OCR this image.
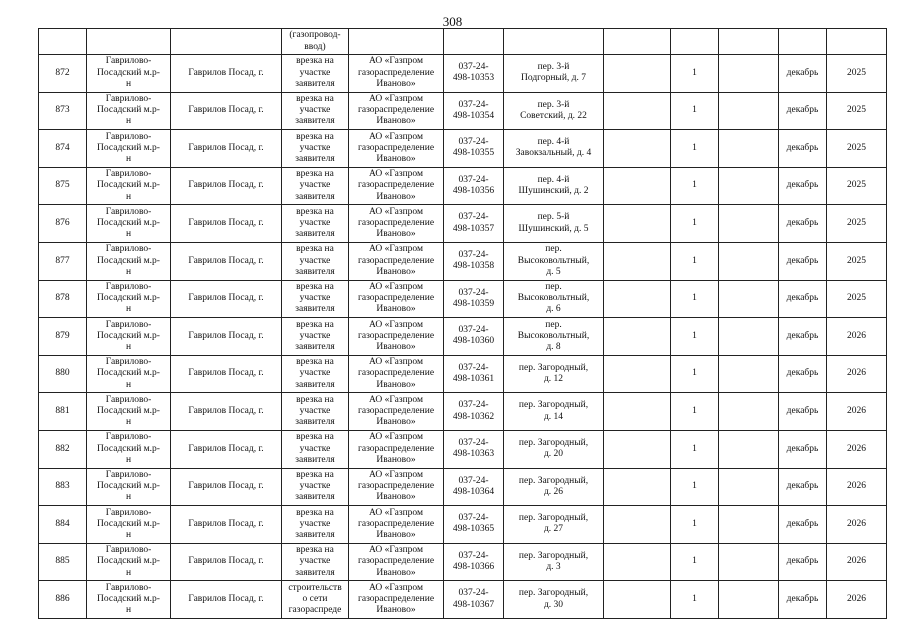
308
			(газопровод-
ввод)								
872	Гаврилово-
Посадский м.р-
н	Гаврилов Посад, г.	врезка на
участке
заявителя	АО «Газпром
газораспределение
Иваново»	037-24-
498-10353	пер. 3-й
Подгорный, д. 7		1		декабрь	2025
873	Гаврилово-
Посадский м.р-
н	Гаврилов Посад, г.	врезка на
участке
заявителя	АО «Газпром
газораспределение
Иваново»	037-24-
498-10354	пер. 3-й
Советский, д. 22		1		декабрь	2025
874	Гаврилово-
Посадский м.р-
н	Гаврилов Посад, г.	врезка на
участке
заявителя	АО «Газпром
газораспределение
Иваново»	037-24-
498-10355	пер. 4-й
Завокзальный, д. 4		1		декабрь	2025
875	Гаврилово-
Посадский м.р-
н	Гаврилов Посад, г.	врезка на
участке
заявителя	АО «Газпром
газораспределение
Иваново»	037-24-
498-10356	пер. 4-й
Шушинский, д. 2		1		декабрь	2025
876	Гаврилово-
Посадский м.р-
н	Гаврилов Посад, г.	врезка на
участке
заявителя	АО «Газпром
газораспределение
Иваново»	037-24-
498-10357	пер. 5-й
Шушинский, д. 5		1		декабрь	2025
877	Гаврилово-
Посадский м.р-
н	Гаврилов Посад, г.	врезка на
участке
заявителя	АО «Газпром
газораспределение
Иваново»	037-24-
498-10358	пер.
Высоковольтный,
д. 5		1		декабрь	2025
878	Гаврилово-
Посадский м.р-
н	Гаврилов Посад, г.	врезка на
участке
заявителя	АО «Газпром
газораспределение
Иваново»	037-24-
498-10359	пер.
Высоковольтный,
д. 6		1		декабрь	2025
879	Гаврилово-
Посадский м.р-
н	Гаврилов Посад, г.	врезка на
участке
заявителя	АО «Газпром
газораспределение
Иваново»	037-24-
498-10360	пер.
Высоковольтный,
д. 8		1		декабрь	2026
880	Гаврилово-
Посадский м.р-
н	Гаврилов Посад, г.	врезка на
участке
заявителя	АО «Газпром
газораспределение
Иваново»	037-24-
498-10361	пер. Загородный,
д. 12		1		декабрь	2026
881	Гаврилово-
Посадский м.р-
н	Гаврилов Посад, г.	врезка на
участке
заявителя	АО «Газпром
газораспределение
Иваново»	037-24-
498-10362	пер. Загородный,
д. 14		1		декабрь	2026
882	Гаврилово-
Посадский м.р-
н	Гаврилов Посад, г.	врезка на
участке
заявителя	АО «Газпром
газораспределение
Иваново»	037-24-
498-10363	пер. Загородный,
д. 20		1		декабрь	2026
883	Гаврилово-
Посадский м.р-
н	Гаврилов Посад, г.	врезка на
участке
заявителя	АО «Газпром
газораспределение
Иваново»	037-24-
498-10364	пер. Загородный,
д. 26		1		декабрь	2026
884	Гаврилово-
Посадский м.р-
н	Гаврилов Посад, г.	врезка на
участке
заявителя	АО «Газпром
газораспределение
Иваново»	037-24-
498-10365	пер. Загородный,
д. 27		1		декабрь	2026
885	Гаврилово-
Посадский м.р-
н	Гаврилов Посад, г.	врезка на
участке
заявителя	АО «Газпром
газораспределение
Иваново»	037-24-
498-10366	пер. Загородный,
д. 3		1		декабрь	2026
886	Гаврилово-
Посадский м.р-
н	Гаврилов Посад, г.	строительств
о сети
газораспреде	АО «Газпром
газораспределение
Иваново»	037-24-
498-10367	пер. Загородный,
д. 30		1		декабрь	2026
